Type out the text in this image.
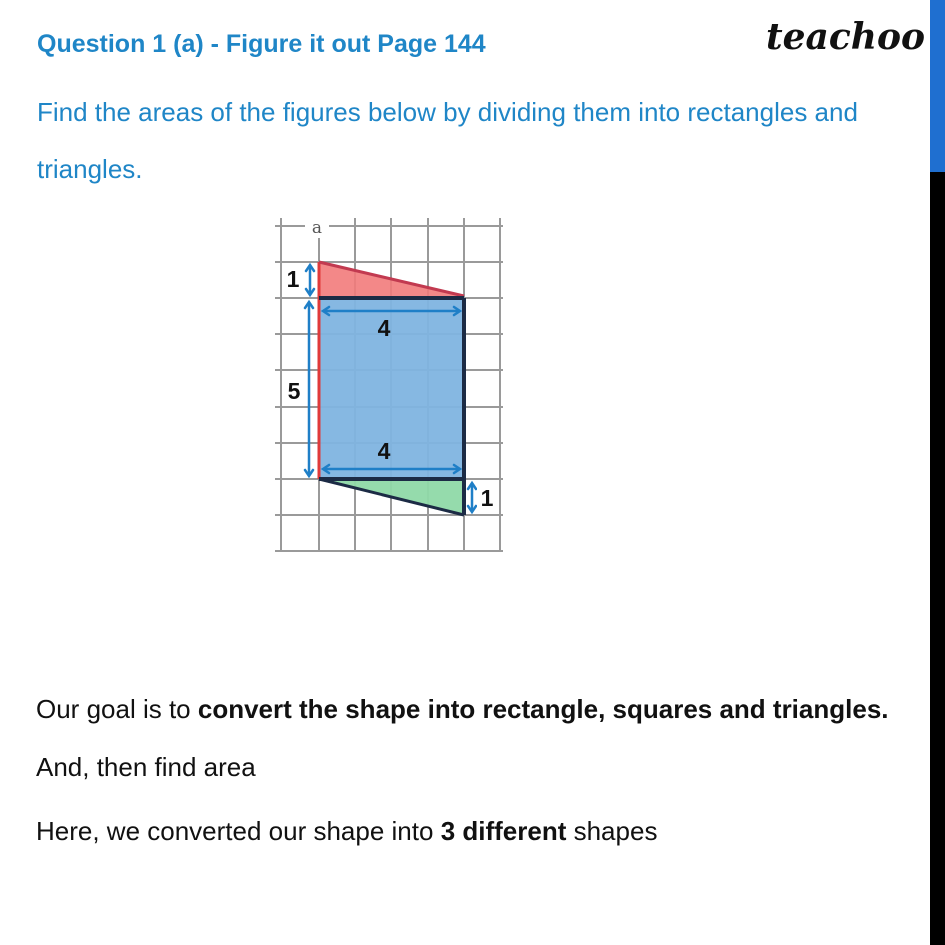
Question 1 (a) - Figure it out Page 144	teachoo

Find the areas of the figures below by dividing them into rectangles and triangles.

a
1
4
5
4
1

Our goal is to convert the shape into rectangle, squares and triangles. And, then find area

Here, we converted our shape into 3 different shapes
